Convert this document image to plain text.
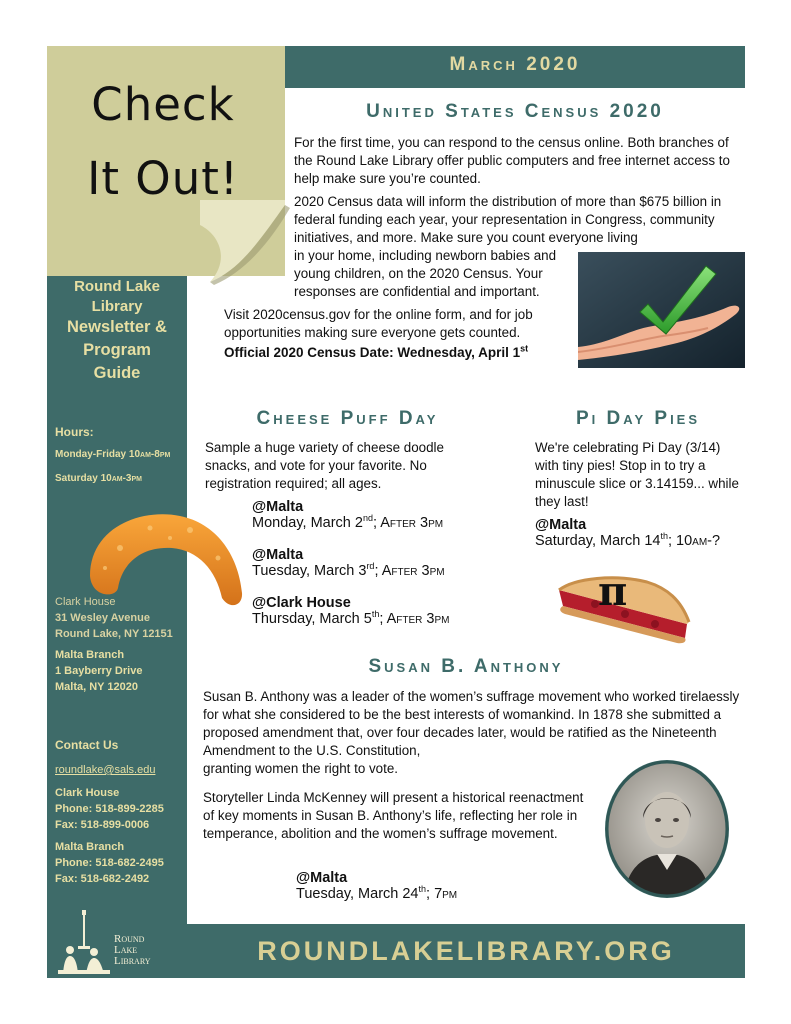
Check
It Out!
March 2020
Round Lake
Library
Newsletter &
Program
Guide
Hours:
Monday-Friday 10am-8pm
Saturday 10am-3pm
Clark House
31 Wesley Avenue
Round Lake, NY 12151
Malta Branch
1 Bayberry Drive
Malta, NY 12020
Contact Us
roundlake@sals.edu
Clark House
Phone: 518-899-2285
Fax: 518-899-0006
Malta Branch
Phone: 518-682-2495
Fax: 518-682-2492
Round
Lake
Library
United States Census 2020
For the first time, you can respond to the census online. Both branches of the Round Lake Library offer public computers and free internet access to help make sure you’re counted.
2020 Census data will inform the distribution of more than $675 billion in federal funding each year, your representation in Congress, community initiatives, and more. Make sure you count everyone living
in your home, including newborn babies and young children, on the 2020 Census. Your responses are confidential and important.
Visit 2020census.gov for the online form, and for job opportunities making sure everyone gets counted.
Official 2020 Census Date: Wednesday, April 1st
Cheese Puff Day
Sample a huge variety of cheese doodle snacks, and vote for your favorite. No registration required; all ages.
@Malta
Monday, March 2nd; After 3pm
@Malta
Tuesday, March 3rd; After 3pm
@Clark House
Thursday, March 5th; After 3pm
Pi Day Pies
We're celebrating Pi Day (3/14) with tiny pies! Stop in to try a minuscule slice or 3.14159... while they last!
@Malta
Saturday, March 14th; 10am-?
π
Susan B. Anthony
Susan B. Anthony was a leader of the women’s suffrage movement who worked tirelaessly for what she considered to be the best interests of womankind. In 1878 she submitted a proposed amendment that, over four decades later, would be ratified as the Nineteenth Amendment to the U.S. Constitution,
granting women the right to vote.
Storyteller Linda McKenney will present a historical reenactment of key moments in Susan B. Anthony’s life, reflecting her role in temperance, abolition and the women’s suffrage movement.
@Malta
Tuesday, March 24th; 7pm
ROUNDLAKELIBRARY.ORG
